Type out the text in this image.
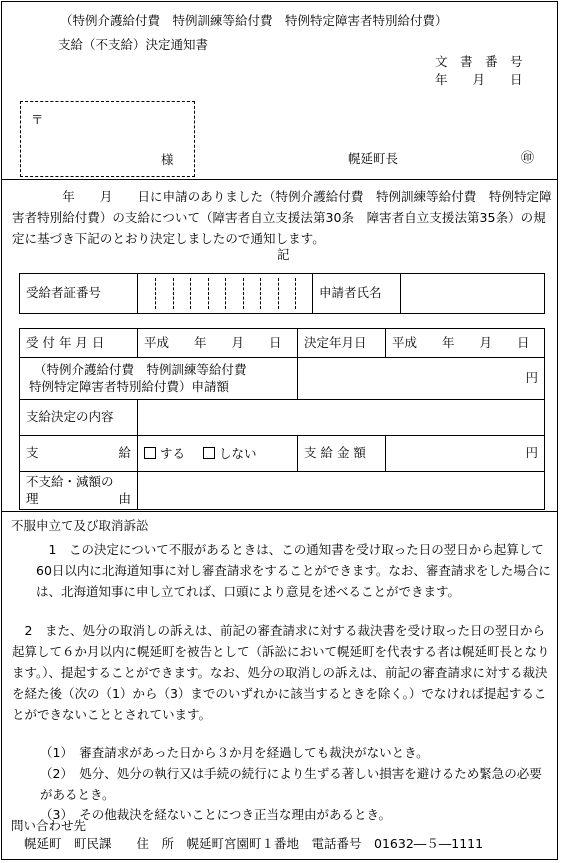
（特例介護給付費　特例訓練等給付費　特例特定障害者特別給付費）
支給（不支給）決定通知書
文　書　番　号
年　　月　　日
〒
様	幌延町長	㊞
　　　　年　　月　　日に申請のありました（特例介護給付費　特例訓練等給付費　特例特定障害者特別給付費）の支給について（障害者自立支援法第30条　障害者自立支援法第35条）の規定に基づき下記のとおり決定しましたので通知します。
記
受給者証番号		申請者氏名	
受 付 年 月 日	平成　　年　　月　　日	決定年月日	平成　　年　　月　　日

（特例介護給付費　特例訓練等給付費
特例特定障害者特別給付費）申請額		円	
支給決定の内容			

支 給	する しない	支 給 金 額	円

不支給・減額の
理 由			

不服申立て及び取消訴訟
　1　この決定について不服があるときは、この通知書を受け取った日の翌日から起算して60日以内に北海道知事に対し審査請求をすることができます。なお、審査請求をした場合には、北海道知事に申し立てれば、口頭により意見を述べることができます。
　2　また、処分の取消しの訴えは、前記の審査請求に対する裁決書を受け取った日の翌日から起算して６か月以内に幌延町を被告として（訴訟において幌延町を代表する者は幌延町長となります。）、提起することができます。なお、処分の取消しの訴えは、前記の審査請求に対する裁決を経た後（次の（1）から（3）までのいずれかに該当するときを除く。）でなければ提起することができないこととされています。
（1）　審査請求があった日から３か月を経過しても裁決がないとき。
（2）　処分、処分の執行又は手続の続行により生ずる著しい損害を避けるため緊急の必要があるとき。
（3）　その他裁決を経ないことにつき正当な理由があるとき。
問い合わせ先
幌延町　町民課　　住　所　幌延町宮園町１番地　電話番号　01632―５―1111
